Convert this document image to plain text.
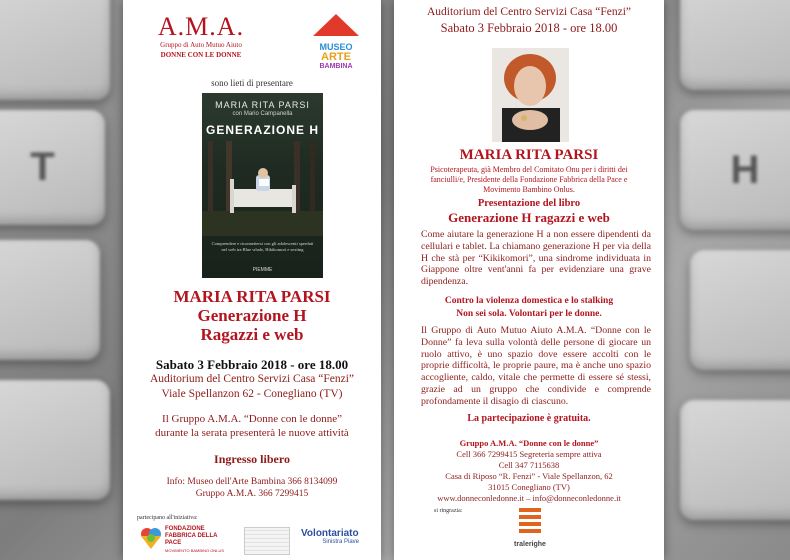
T	H
A.M.A.
Gruppo di Auto Mutuo Aiuto
DONNE CON LE DONNE
MUSEO
ARTE
BAMBINA
sono lieti di presentare
MARIA RITA PARSI
con Mario Campanella
GENERAZIONE H
Comprendere e riconnettersi con gli adolescenti sperduti nel web tra Blue whale, Hikikomori e sexting
PIEMME
MARIA RITA PARSI
Generazione H
Ragazzi e web
Sabato 3 Febbraio 2018 - ore 18.00
Auditorium del Centro Servizi Casa “Fenzi”
Viale Spellanzon 62 - Conegliano (TV)
Il Gruppo A.M.A. “Donne con le donne”
durante la serata presenterà le nuove attività
Ingresso libero
Info: Museo dell'Arte Bambina 366 8134099
Gruppo A.M.A. 366 7299415
partecipano all'iniziativa:
FONDAZIONE
FABBRICA DELLA PACE
MOVIMENTO BAMBINO ONLUS
Volontariato
Sinistra Piave
Auditorium del Centro Servizi Casa “Fenzi”
Sabato 3 Febbraio 2018 - ore 18.00
MARIA RITA PARSI
Psicoterapeuta, già Membro del Comitato Onu per i diritti dei fanciulli/e, Presidente della Fondazione Fabbrica della Pace e Movimento Bambino Onlus.
Presentazione del libro
Generazione H ragazzi e web

Come aiutare la generazione H a non essere dipendenti da cellulari e tablet. La chiamano generazione H per via della H che stà per “Kikikomori”, una sindrome individuata in Giappone oltre vent'anni fa per evidenziare una grave dipendenza.

Contro la violenza domestica e lo stalking
Non sei sola. Volontari per le donne.

Il Gruppo di Auto Mutuo Aiuto A.M.A. “Donne con le Donne” fa leva sulla volontà delle persone di giocare un ruolo attivo, è uno spazio dove essere accolti con le proprie difficoltà, le proprie paure, ma è anche uno spazio accogliente, caldo, vitale che permette di essere sé stessi, grazie ad un gruppo che condivide e comprende profondamente il disagio di ciascuno.

La partecipazione è gratuita.
Gruppo A.M.A. “Donne con le donne”
Cell 366 7299415 Segreteria sempre attiva
Cell 347 7115638
Casa di Riposo “R. Fenzi” - Viale Spellanzon, 62
31015 Conegliano (TV)
www.donneconledonne.it – info@donneconledonne.it
si ringrazia:
tralerighe
